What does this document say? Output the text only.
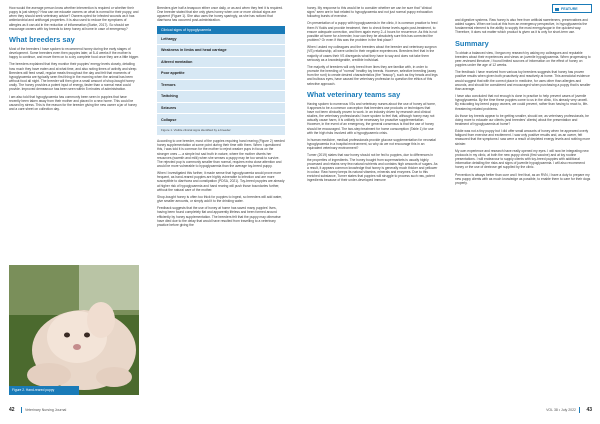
FEATURE

How would the average person know whether intervention is required or whether their puppy is just sleepy? How can we educate owners on what is normal for their puppy, and when they should seek veterinary advice? Owners opted for infected wounds as it has antimicrobial and antifungal properties. It is also used to reduce the symptoms of allergies as it can aid in the reduction of inflammation (Burke, 2017). So should we encourage owners with toy breeds to keep honey at home in case of emergency?

What breeders say

Most of the breeders I have spoken to recommend honey during the early stages of development. Some breeders even then puppies later, at 5–6 weeks if the mother is happy to continue, and move them on to a dry complete food once they are a little bigger.

The breeders explained that they monitor their puppies' energy levels closely, detailing how much they have eaten and at what time, and also noting times of activity and sleep. Breeders will feed small, regular meals throughout the day and felt that moments of hypoglycaemia are typically seen first thing in the morning when the animal has been without food all night. The breeder will then give a small amount of shop-bought honey orally. The honey provides a potent input of energy, faster than a normal meal could provide. Improved demeanour has been seen within 5 minutes of administration.

I am also told that hypoglycaemia has commonly been seen in puppies that have recently been taken away from their mother and placed in a new home. This could be caused by stress. This is the reason for the breeder giving the new owner a jar of honey and a care sheet on collection day.

Figure 2. Hand-reared puppy

Breeders give half a teaspoon either once daily, or as and when they feel it is required. One breeder stated that she only gives honey when one or more clinical signs are apparent (Figure 1). She also uses the honey sparingly, as she has noticed that diarrhoea has occurred post-administration.

Clinical signs of hypoglycaemia
Lethargy
Weakness in limbs and head carriage
Altered mentation
Poor appetite
Tremors
Twitching
Seizures
Collapse
Figure 1. Visible clinical signs identified by a breeder

According to one breeder, most of the puppies requiring hand rearing (Figure 2) needed honey supplementation at some point during their time with them. When I questioned this, I was told it is common for the mother to reject weaker pups in focus on the stronger ones — a simple but sad truth in nature, where the mother diverts her resources (warmth and milk) when she senses a puppy may be too weak to survive. The rejected pup is commonly smaller than normal, requires extra close attention and would be more vulnerable to hypoglycaemia than the average toy-breed puppy.

When I investigated this further, it made sense that hypoglycaemia would prove more frequent, as hand-reared puppies are highly vulnerable to infection and are more susceptible to diarrhoea and constipation (PDSA, 2021). Toy-breed puppies are already at higher risk of hypoglycaemia and hand rearing will push those boundaries further, without the natural care of the mother.

Shop-bought honey is often too thick for puppies to ingest, so breeders will add water, give smaller amounts, or simply add it to the drinking water.

Feedback suggests that the use of honey at home has saved many puppies' lives, having been found completely flat and apparently lifeless and been formed around efficiently by honey supplementation. The breeders felt that the puppy may otherwise have died due to the delay that would have resulted from travelling to a veterinary practice before giving the

honey. My response to this would be to consider whether we can be sure that "clinical signs" seen are in fact related to hypoglycaemia and not just normal puppy exhaustion following bursts of exercise.

On presentation of a puppy with hypoglycaemia in the clinic, it is common practice to feed them IV fluids and provide treatment, then to check these levels again post-treatment, to ensure adequate correction, and then again every 2–4 hours for recurrence. As this is not possible at home for a breeder, how can they be absolutely sure this has corrected the problem? Or even if this was the problem in the first place?

When I asked my colleagues and the breeders about the breeder and veterinary surgeon (VS) relationship, all were united in their negative experiences. Breeders feel that in the majority of cases their VS disregards what they have to say and does not take them seriously as a knowledgeable, credible individual.

The majority of breeders will only breed from lines they are familiar with, in order to promote the breeding of "normal" healthy toy breeds. However, selective breeding (away from the runt) to create desired characteristics (the "teacup"), such as tiny heads and legs and bulbous eyes, have caused the veterinary profession to question the ethics of this selective approach.

What veterinary teams say

Having spoken to numerous VSs and veterinary nurses about the use of honey at home, it appears to be a common conception that breeders use products or techniques that have not been clinically proven to work. In an industry driven by research and clinical studies, the veterinary professionals I have spoken to feel that, although honey may not actually cause harm, it is unlikely to be necessary for proactive supplementation. However, in the event of an emergency, the general consensus is that the use of honey should be encouraged. The two-step treatment for home consumption (Table 1) for use with the high risks involved with a hypoglycaemic crisis.

In human medicine, medical professionals provide glucose supplementation for neonatal hypoglycaemia in a hospital environment, so why do we not encourage this in an equivalent veterinary environment?

Turner (2019) states that raw honey should not be fed to puppies, due to differences in the properties of ingredients. The honey bought from supermarkets is usually highly processed and retains very few natural nutrients and contains high amounts of sugars. As a result, it appears common knowledge that honey is generally much thicker and yellower in colour. Raw honey keeps its natural vitamins, minerals and enzymes. Due to this enriched substance, Turner states that puppies will struggle to process such raw, potent ingredients because of their under-developed immune

and digestive systems. Raw honey is also free from artificial sweeteners, preservatives and added sugars. When we look at this from an emergency perspective, in hypoglycaemia the fundamental element is the ability to supply the most energy/sugar in the quickest way. Therefore, it does not matter which product is given as it is only for short-term use.

Summary

To obtain a balanced view, I began my research by asking my colleagues and reputable breeders about their experiences and views on juvenile hypoglycaemia. When progressing to peer-reviewed literature, I found limited sources of information on the effect of honey on puppies under the age of 12 weeks.

The feedback I have received from various toy breeders suggests that honey has proven positive results when given both proactively and reactively at home. This anecdotal evidence would suggest that with the correct place in medicine, for uses other than allergies and wounds, and should be considered and encouraged when purchasing a puppy that is smaller than average.

I have also concluded that not enough is done in practice to help prevent cases of juvenile hypoglycaemia. By the time these puppies come to us in the clinic, it is already very unwell. By educating toy-breed puppy owners, we could prevent, rather than having to react to, life-threatening related problems.

As those toy breeds appear to be getting smaller, should we, as veterinary professionals, be doing more to educate our clients (and breeders' clients) about the presentation and treatment of hypoglycaemia at home?

Eddie was not a tiny puppy but I did offer small amounts of honey when he appeared overly fatigued from exercise and excitement. I saw only positive results and, as an owner, felt reassured that the symptoms I saw were a result of depleted energy levels and nothing more sinister.

My own experience and research have really opened my eyes. I will now be integrating new protocols in my clinic, at both the new puppy check (first vaccine) and at toy routine presentations. I will endeavour to supply clients with toy-breed puppies with additional information detailing the risks and signs of juvenile hypoglycaemia. I will also recommend honey or the use of dextrose gel supplied by the clinic.

Prevention is always better than cure and I feel that, as an RVN, I have a duty to prepare my new puppy clients with as much knowledge as possible, to enable them to care for their dogs properly.

42	Veterinary Nursing Journal	VOL 38 • July 2022 43
